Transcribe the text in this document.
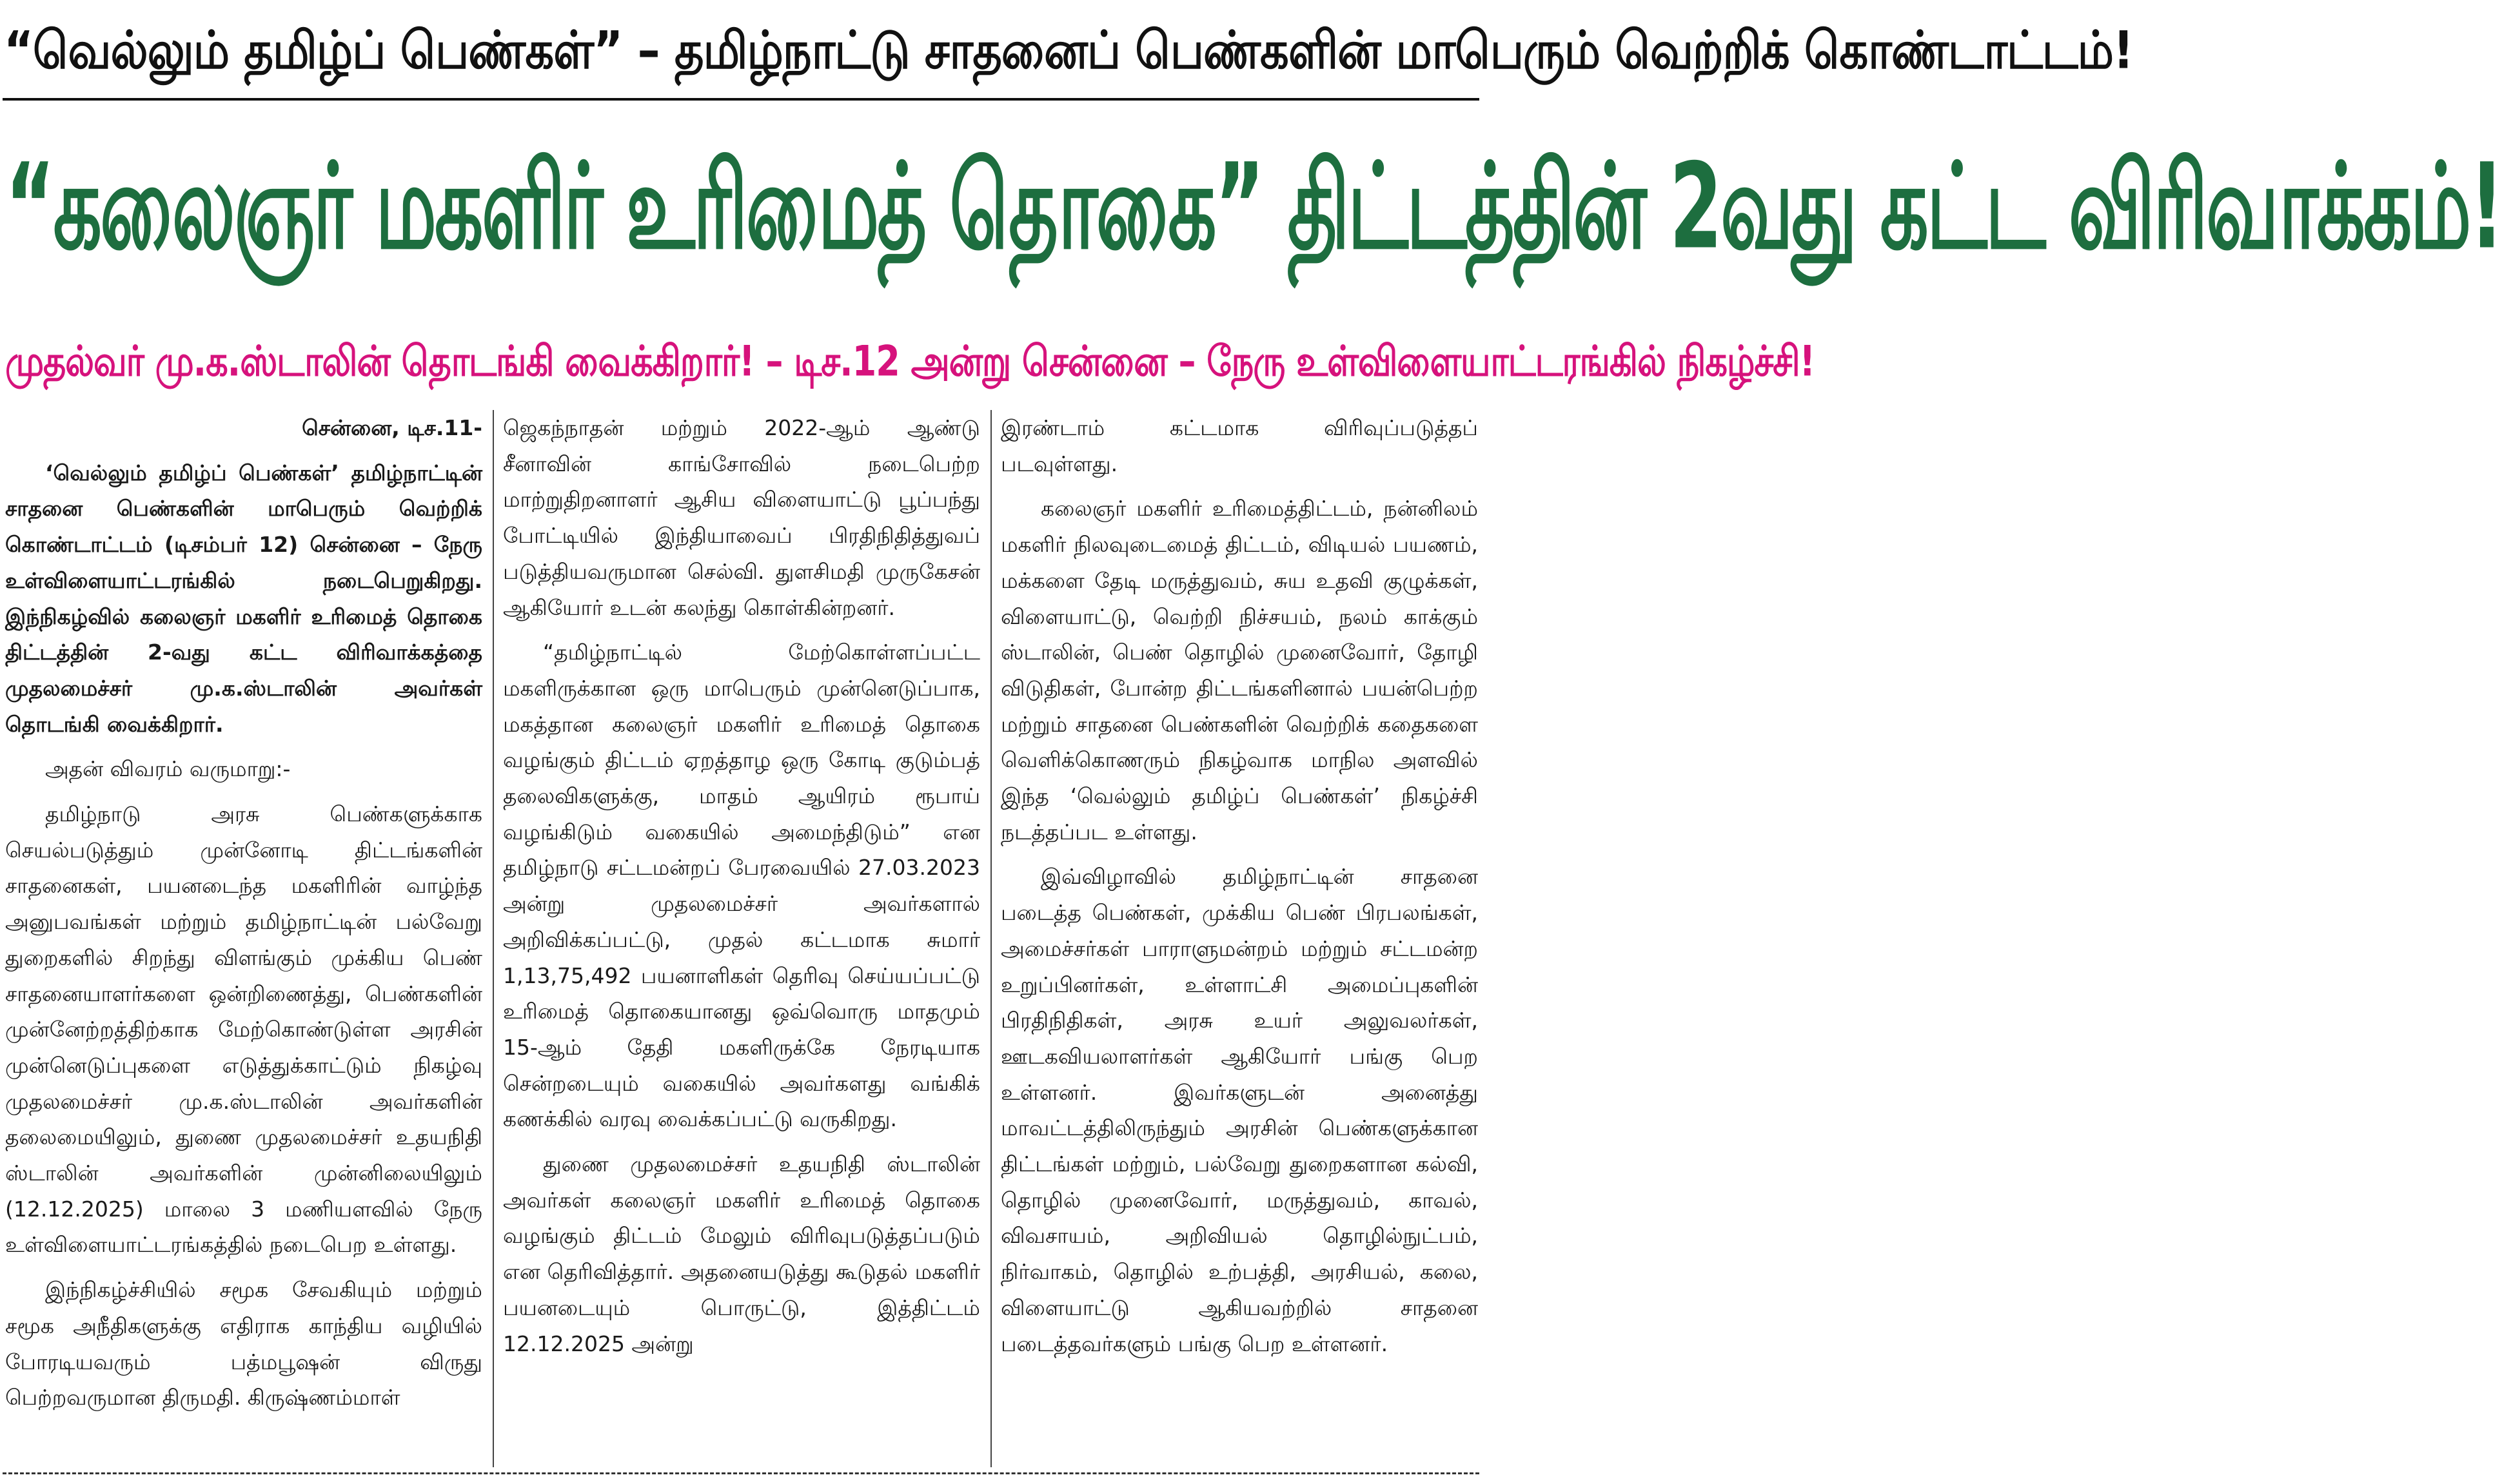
“வெல்லும் தமிழ்ப் பெண்கள்” – தமிழ்நாட்டு சாதனைப் பெண்களின் மாபெரும் வெற்றிக் கொண்டாட்டம்!
“கலைஞர் மகளிர் உரிமைத் தொகை” திட்டத்தின் 2வது கட்ட விரிவாக்கம்!
முதல்வர் மு.க.ஸ்டாலின் தொடங்கி வைக்கிறார்! – டிச.12 அன்று சென்னை – நேரு உள்விளையாட்டரங்கில் நிகழ்ச்சி!

சென்னை, டிச.11-

‘வெல்லும் தமிழ்ப் பெண்கள்’ தமிழ்நாட்டின் சாதனை பெண்களின் மாபெரும் வெற்றிக் கொண்டாட்டம் (டிசம்பர் 12) சென்னை – நேரு உள்விளையாட்டரங்கில் நடைபெறுகிறது. இந்நிகழ்வில் கலைஞர் மகளிர் உரிமைத் தொகை திட்டத்தின் 2-வது கட்ட விரிவாக்கத்தை முதலமைச்சர் மு.க.ஸ்டாலின் அவர்கள் தொடங்கி வைக்கிறார்.

அதன் விவரம் வருமாறு:-

தமிழ்நாடு அரசு பெண்களுக்காக செயல்படுத்தும் முன்னோடி திட்டங்களின் சாதனைகள், பயனடைந்த மகளிரின் வாழ்ந்த அனுபவங்கள் மற்றும் தமிழ்நாட்டின் பல்வேறு துறைகளில் சிறந்து விளங்கும் முக்கிய பெண் சாதனையாளர்களை ஒன்றிணைத்து, பெண்களின் முன்னேற்றத்திற்காக மேற்கொண்டுள்ள அரசின் முன்னெடுப்புகளை எடுத்துக்காட்டும் நிகழ்வு முதலமைச்சர் மு.க.ஸ்டாலின் அவர்களின் தலைமையிலும், துணை முதலமைச்சர் உதயநிதி ஸ்டாலின் அவர்களின் முன்னிலையிலும் (12.12.2025) மாலை 3 மணியளவில் நேரு உள்விளையாட்டரங்கத்தில் நடைபெற உள்ளது.

இந்நிகழ்ச்சியில் சமூக சேவகியும் மற்றும் சமூக அநீதிகளுக்கு எதிராக காந்திய வழியில் போரடியவரும் பத்மபூஷன் விருது பெற்றவருமான திருமதி. கிருஷ்ணம்மாள்

ஜெகந்நாதன் மற்றும் 2022-ஆம் ஆண்டு சீனாவின் காங்சோவில் நடைபெற்ற மாற்றுதிறனாளர் ஆசிய விளையாட்டு பூப்பந்து போட்டியில் இந்தியாவைப் பிரதிநிதித்துவப் படுத்தியவருமான செல்வி. துளசிமதி முருகேசன் ஆகியோர் உடன் கலந்து கொள்கின்றனர்.

“தமிழ்நாட்டில் மேற்கொள்ளப்பட்ட மகளிருக்கான ஒரு மாபெரும் முன்னெடுப்பாக, மகத்தான கலைஞர் மகளிர் உரிமைத் தொகை வழங்கும் திட்டம் ஏறத்தாழ ஒரு கோடி குடும்பத் தலைவிகளுக்கு, மாதம் ஆயிரம் ரூபாய் வழங்கிடும் வகையில் அமைந்திடும்” என தமிழ்நாடு சட்டமன்றப் பேரவையில் 27.03.2023 அன்று முதலமைச்சர் அவர்களால் அறிவிக்கப்பட்டு, முதல் கட்டமாக சுமார் 1,13,75,492 பயனாளிகள் தெரிவு செய்யப்பட்டு உரிமைத் தொகையானது ஒவ்வொரு மாதமும் 15-ஆம் தேதி மகளிருக்கே நேரடியாக சென்றடையும் வகையில் அவர்களது வங்கிக் கணக்கில் வரவு வைக்கப்பட்டு வருகிறது.

துணை முதலமைச்சர் உதயநிதி ஸ்டாலின் அவர்கள் கலைஞர் மகளிர் உரிமைத் தொகை வழங்கும் திட்டம் மேலும் விரிவுபடுத்தப்படும் என தெரிவித்தார். அதனையடுத்து கூடுதல் மகளிர் பயனடையும் பொருட்டு, இத்திட்டம் 12.12.2025 அன்று

இரண்டாம் கட்டமாக விரிவுப்படுத்தப் படவுள்ளது.

கலைஞர் மகளிர் உரிமைத்திட்டம், நன்னிலம் மகளிர் நிலவுடைமைத் திட்டம், விடியல் பயணம், மக்களை தேடி மருத்துவம், சுய உதவி குழுக்கள், விளையாட்டு, வெற்றி நிச்சயம், நலம் காக்கும் ஸ்டாலின், பெண் தொழில் முனைவோர், தோழி விடுதிகள், போன்ற திட்டங்களினால் பயன்பெற்ற மற்றும் சாதனை பெண்களின் வெற்றிக் கதைகளை வெளிக்கொணரும் நிகழ்வாக மாநில அளவில் இந்த ‘வெல்லும் தமிழ்ப் பெண்கள்’ நிகழ்ச்சி நடத்தப்பட உள்ளது.

இவ்விழாவில் தமிழ்நாட்டின் சாதனை படைத்த பெண்கள், முக்கிய பெண் பிரபலங்கள், அமைச்சர்கள் பாராளுமன்றம் மற்றும் சட்டமன்ற உறுப்பினர்கள், உள்ளாட்சி அமைப்புகளின் பிரதிநிதிகள், அரசு உயர் அலுவலர்கள், ஊடகவியலாளர்கள் ஆகியோர் பங்கு பெற உள்ளனர். இவர்களுடன் அனைத்து மாவட்டத்திலிருந்தும் அரசின் பெண்களுக்கான திட்டங்கள் மற்றும், பல்வேறு துறைகளான கல்வி, தொழில் முனைவோர், மருத்துவம், காவல், விவசாயம், அறிவியல் தொழில்நுட்பம், நிர்வாகம், தொழில் உற்பத்தி, அரசியல், கலை, விளையாட்டு ஆகியவற்றில் சாதனை படைத்தவர்களும் பங்கு பெற உள்ளனர்.
